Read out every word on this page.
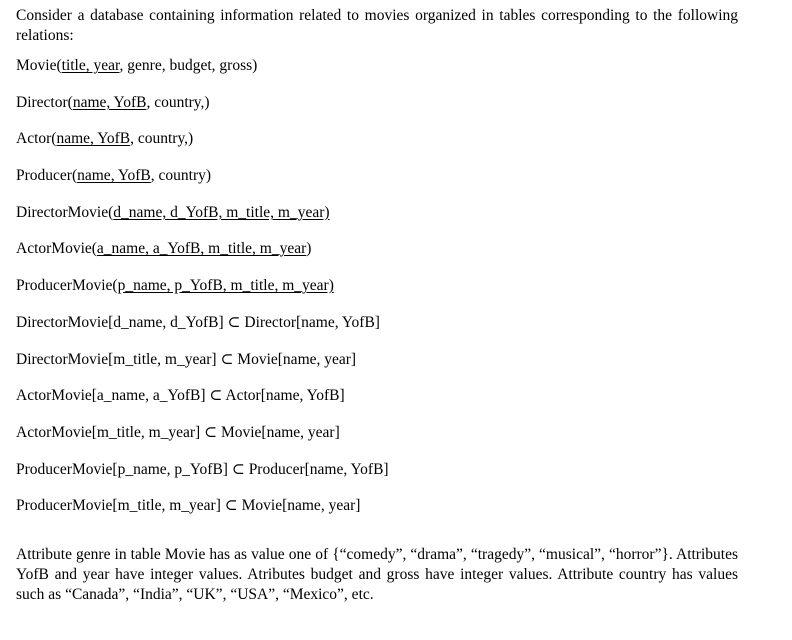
Consider a database containing information related to movies organized in tables corresponding to the following relations:

Movie(title, year, genre, budget, gross)
Director(name, YofB, country,)
Actor(name, YofB, country,)
Producer(name, YofB, country)
DirectorMovie(d_name, d_YofB, m_title, m_year)
ActorMovie(a_name, a_YofB, m_title, m_year)
ProducerMovie(p_name, p_YofB, m_title, m_year)
DirectorMovie[d_name, d_YofB] ⊂ Director[name, YofB]
DirectorMovie[m_title, m_year] ⊂ Movie[name, year]
ActorMovie[a_name, a_YofB] ⊂ Actor[name, YofB]
ActorMovie[m_title, m_year] ⊂ Movie[name, year]
ProducerMovie[p_name, p_YofB] ⊂ Producer[name, YofB]
ProducerMovie[m_title, m_year] ⊂ Movie[name, year]

Attribute genre in table Movie has as value one of {“comedy”, “drama”, “tragedy”, “musical”, “horror”}. Attributes YofB and year have integer values. Atributes budget and gross have integer values. Attribute country has values such as “Canada”, “India”, “UK”, “USA”, “Mexico”, etc.
